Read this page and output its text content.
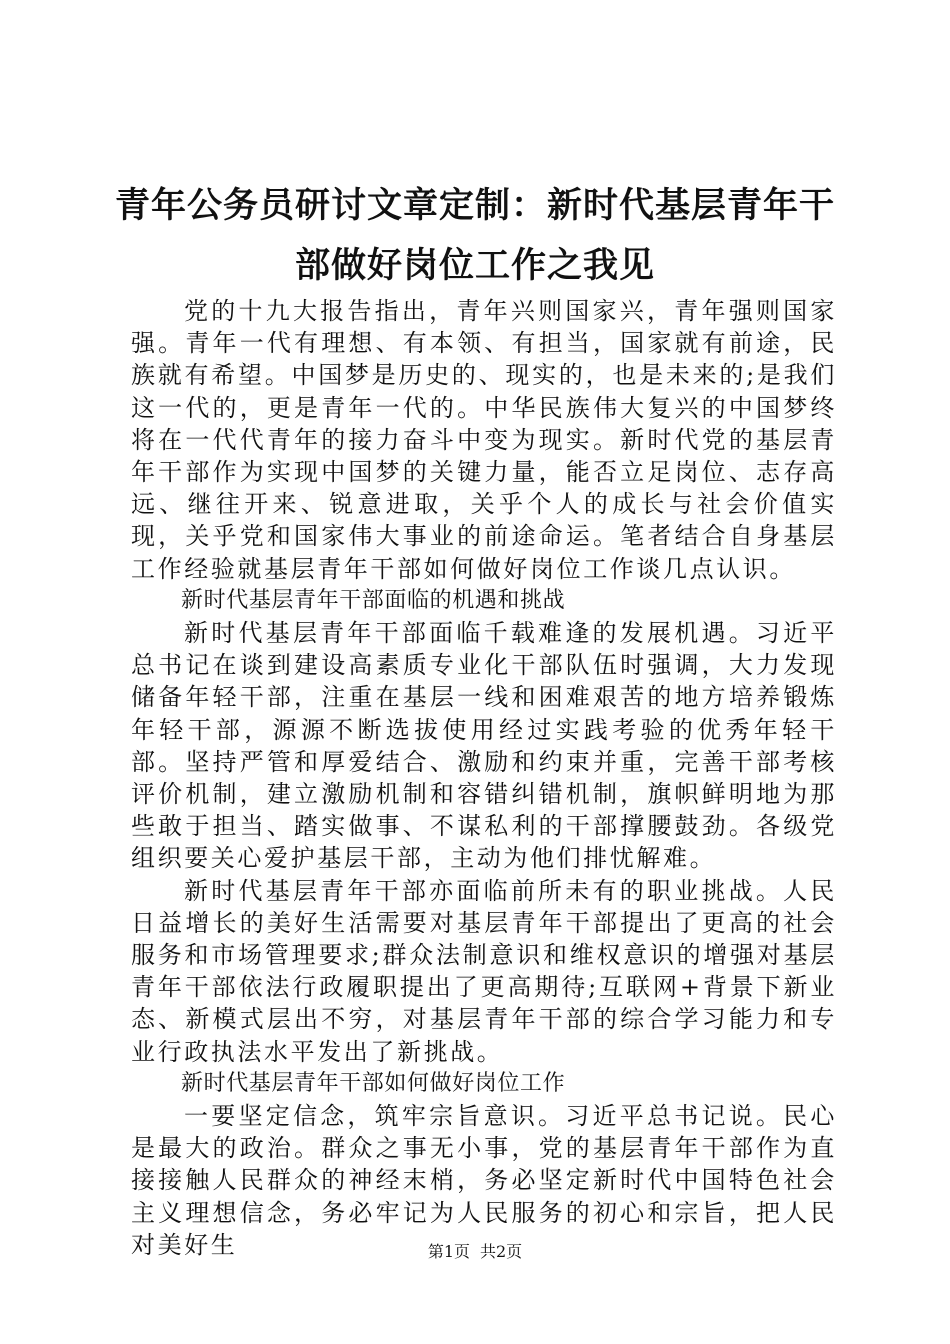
青年公务员研讨文章定制：新时代基层青年干部做好岗位工作之我见

党的十九大报告指出，青年兴则国家兴，青年强则国家强。青年一代有理想、有本领、有担当，国家就有前途，民族就有希望。中国梦是历史的、现实的，也是未来的;是我们这一代的，更是青年一代的。中华民族伟大复兴的中国梦终将在一代代青年的接力奋斗中变为现实。新时代党的基层青年干部作为实现中国梦的关键力量，能否立足岗位、志存高远、继往开来、锐意进取，关乎个人的成长与社会价值实现，关乎党和国家伟大事业的前途命运。笔者结合自身基层工作经验就基层青年干部如何做好岗位工作谈几点认识。

新时代基层青年干部面临的机遇和挑战

新时代基层青年干部面临千载难逢的发展机遇。习近平总书记在谈到建设高素质专业化干部队伍时强调，大力发现储备年轻干部，注重在基层一线和困难艰苦的地方培养锻炼年轻干部，源源不断选拔使用经过实践考验的优秀年轻干部。坚持严管和厚爱结合、激励和约束并重，完善干部考核评价机制，建立激励机制和容错纠错机制，旗帜鲜明地为那些敢于担当、踏实做事、不谋私利的干部撑腰鼓劲。各级党组织要关心爱护基层干部，主动为他们排忧解难。

新时代基层青年干部亦面临前所未有的职业挑战。人民日益增长的美好生活需要对基层青年干部提出了更高的社会服务和市场管理要求;群众法制意识和维权意识的增强对基层青年干部依法行政履职提出了更高期待;互联网+背景下新业态、新模式层出不穷，对基层青年干部的综合学习能力和专业行政执法水平发出了新挑战。

新时代基层青年干部如何做好岗位工作

一要坚定信念，筑牢宗旨意识。习近平总书记说。民心是最大的政治。群众之事无小事，党的基层青年干部作为直接接触人民群众的神经末梢，务必坚定新时代中国特色社会主义理想信念，务必牢记为人民服务的初心和宗旨，把人民对美好生	第1页 共2页
